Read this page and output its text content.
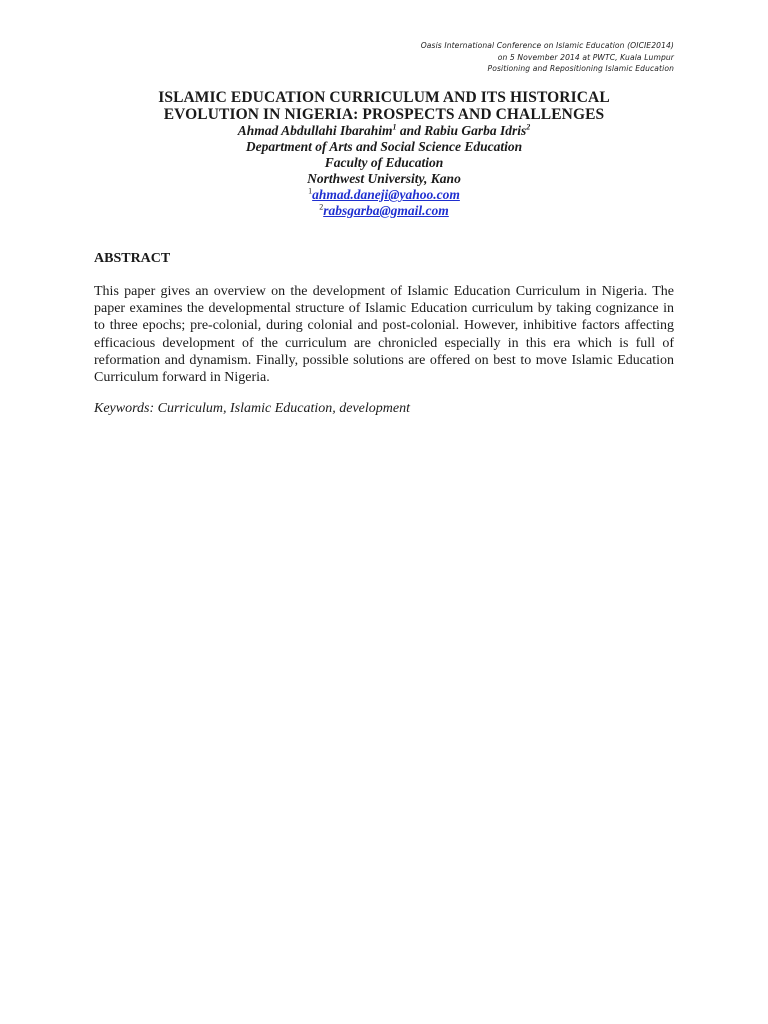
Oasis International Conference on Islamic Education (OICIE2014)
on 5 November 2014 at PWTC, Kuala Lumpur
Positioning and Repositioning Islamic Education

ISLAMIC EDUCATION CURRICULUM AND ITS HISTORICAL

EVOLUTION IN NIGERIA: PROSPECTS AND CHALLENGES

Ahmad Abdullahi Ibarahim$^1$ and Rabiu Garba Idris$^2$

Department of Arts and Social Science Education

Faculty of Education

Northwest University, Kano

$^1$ahmad.daneji@yahoo.com

$^2$rabsgarba@gmail.com

ABSTRACT

This paper gives an overview on the development of Islamic Education Curriculum in Nigeria. The paper examines the developmental structure of Islamic Education curriculum by taking cognizance in to three epochs; pre-colonial, during colonial and post-colonial. However, inhibitive factors affecting efficacious development of the curriculum are chronicled especially in this era which is full of reformation and dynamism. Finally, possible solutions are offered on best to move Islamic Education Curriculum forward in Nigeria.

Keywords: Curriculum, Islamic Education, development
